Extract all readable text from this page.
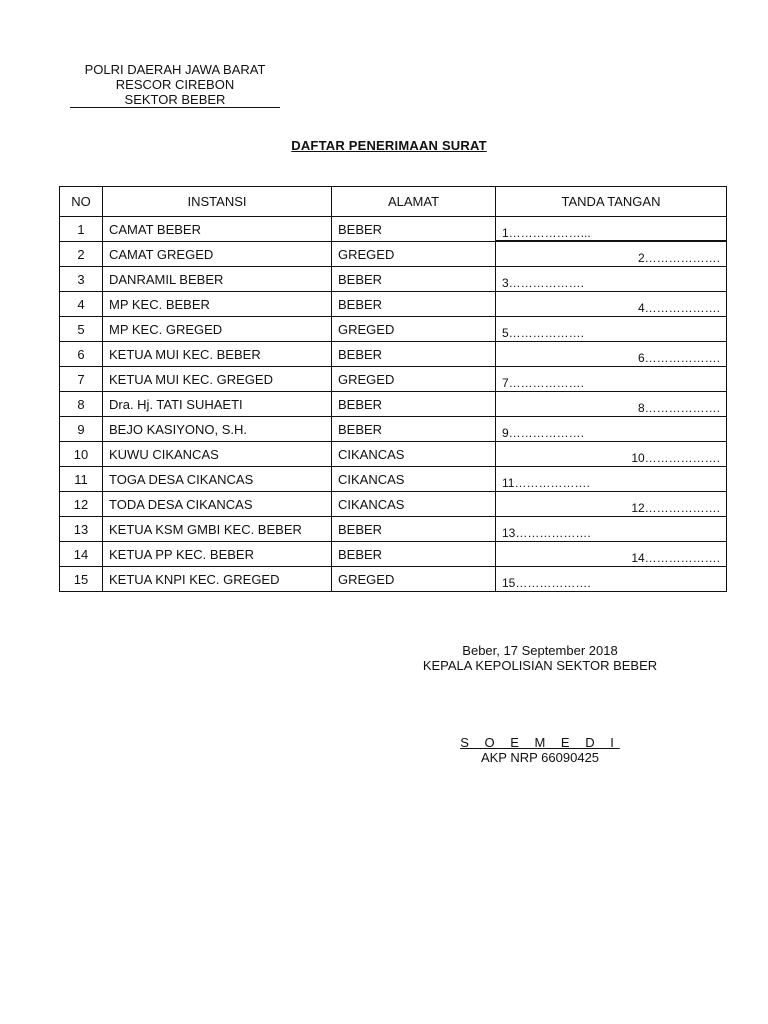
POLRI DAERAH JAWA BARAT
RESCOR CIREBON
SEKTOR BEBER
DAFTAR PENERIMAAN SURAT
NO	INSTANSI	ALAMAT	TANDA TANGAN
1	CAMAT BEBER	BEBER	1………………...

2	CAMAT GREGED	GREGED	2……………….

3	DANRAMIL BEBER	BEBER	3……………….

4	MP KEC. BEBER	BEBER	4……………….

5	MP KEC. GREGED	GREGED	5……………….

6	KETUA MUI KEC. BEBER	BEBER	6……………….

7	KETUA MUI KEC. GREGED	GREGED	7……………….

8	Dra. Hj. TATI SUHAETI	BEBER	8……………….

9	BEJO KASIYONO, S.H.	BEBER	9……………….

10	KUWU CIKANCAS	CIKANCAS	10……………….

11	TOGA DESA CIKANCAS	CIKANCAS	11……………….

12	TODA DESA CIKANCAS	CIKANCAS	12……………….

13	KETUA KSM GMBI KEC. BEBER	BEBER	13……………….

14	KETUA PP KEC. BEBER	BEBER	14……………….

15	KETUA KNPI KEC. GREGED	GREGED	15……………….
Beber, 17 September 2018
KEPALA KEPOLISIAN SEKTOR BEBER
S O E M E D I
AKP NRP 66090425
